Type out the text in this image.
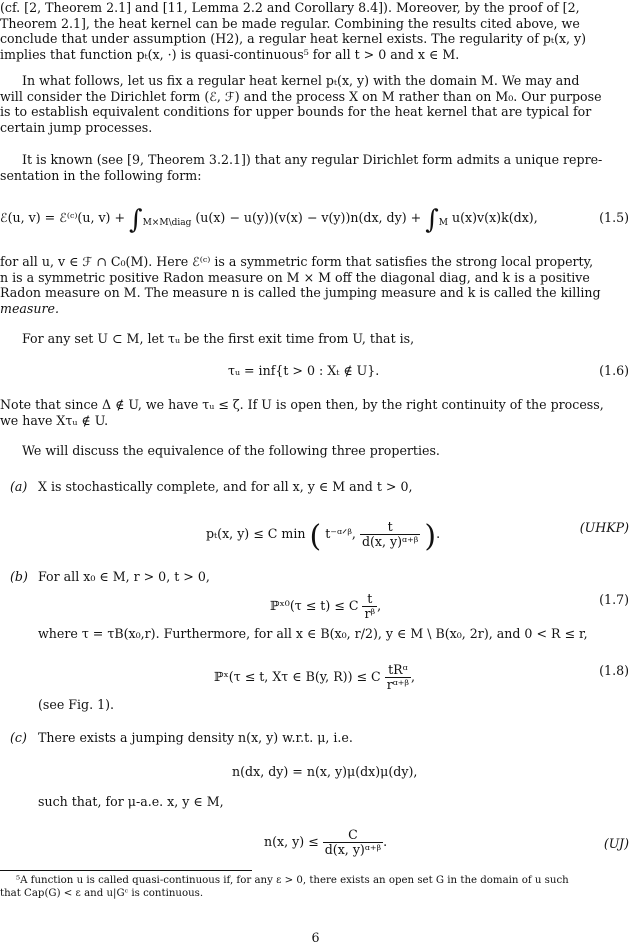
(cf. [2, Theorem 2.1] and [11, Lemma 2.2 and Corollary 8.4]). Moreover, by the proof of [2,
Theorem 2.1], the heat kernel can be made regular. Combining the results cited above, we
conclude that under assumption (H2), a regular heat kernel exists. The regularity of pₜ(x, y)
implies that function pₜ(x, ·) is quasi-continuous⁵ for all t > 0 and x ∈ M.
In what follows, let us fix a regular heat kernel pₜ(x, y) with the domain M. We may and
will consider the Dirichlet form (ℰ, ℱ) and the process X on M rather than on M₀. Our purpose
is to establish equivalent conditions for upper bounds for the heat kernel that are typical for
certain jump processes.
It is known (see [9, Theorem 3.2.1]) that any regular Dirichlet form admits a unique repre-
sentation in the following form:
ℰ(u, v) = ℰ⁽ᶜ⁾(u, $v) + \int_{M\times M\backslash diag}$ (u(x) − u(y))(v(x) − v(y))n(dx, $dy) + \int_M$ u(x)v(x)k(dx),	(1.5)
for all u, v ∈ ℱ ∩ C₀(M). Here ℰ⁽ᶜ⁾ is a symmetric form that satisfies the strong local property,
n is a symmetric positive Radon measure on M × M off the diagonal diag, and k is a positive
Radon measure on M. The measure n is called the jumping measure and k is called the killing
measure.
For any set U ⊂ M, let τᵤ be the first exit time from U, that is,
τᵤ = inf{t > 0 : Xₜ ∉ U}.	(1.6)
Note that since Δ ∉ U, we have τᵤ ≤ ζ. If U is open then, by the right continuity of the process,
we have Xτᵤ ∉ U.
We will discuss the equivalence of the following three properties.
(a) X is stochastically complete, and for all x, y ∈ M and t > 0,
pₜ(x, y) ≤ C min ( t⁻ᵅᐟᵝ, $\frac{t}{\text{d(x, y)ᵅ⁺ᵝ}}$ ).	(UHKP)
(b) For all x₀ ∈ M, r > 0, t > 0,
ℙˣ⁰(τ ≤ t) ≤ C $\frac{t}{\text{rᵝ}}$ ,	(1.7)
where τ = τB(x₀,r). Furthermore, for all x ∈ B(x₀, r/2), y ∈ M \ B(x₀, 2r), and 0 < R ≤ r,
ℙˣ(τ ≤ t, Xτ ∈ B(y, R)) ≤ C $\frac{\text{tRᵅ}}{\text{rᵅ⁺ᵝ}}$ ,	(1.8)
(see Fig. 1).
(c) There exists a jumping density n(x, y) w.r.t. μ, i.e.
n(dx, dy) = n(x, y)μ(dx)μ(dy),
such that, for μ-a.e. x, y ∈ M,
n(x, $y) \le \frac{C}{\text{d(x, y)ᵅ⁺ᵝ}}$ .	(UJ)
⁵A function u is called quasi-continuous if, for any ε > 0, there exists an open set G in the domain of u such
that Cap(G) < ε and u|Gᶜ is continuous.
6
